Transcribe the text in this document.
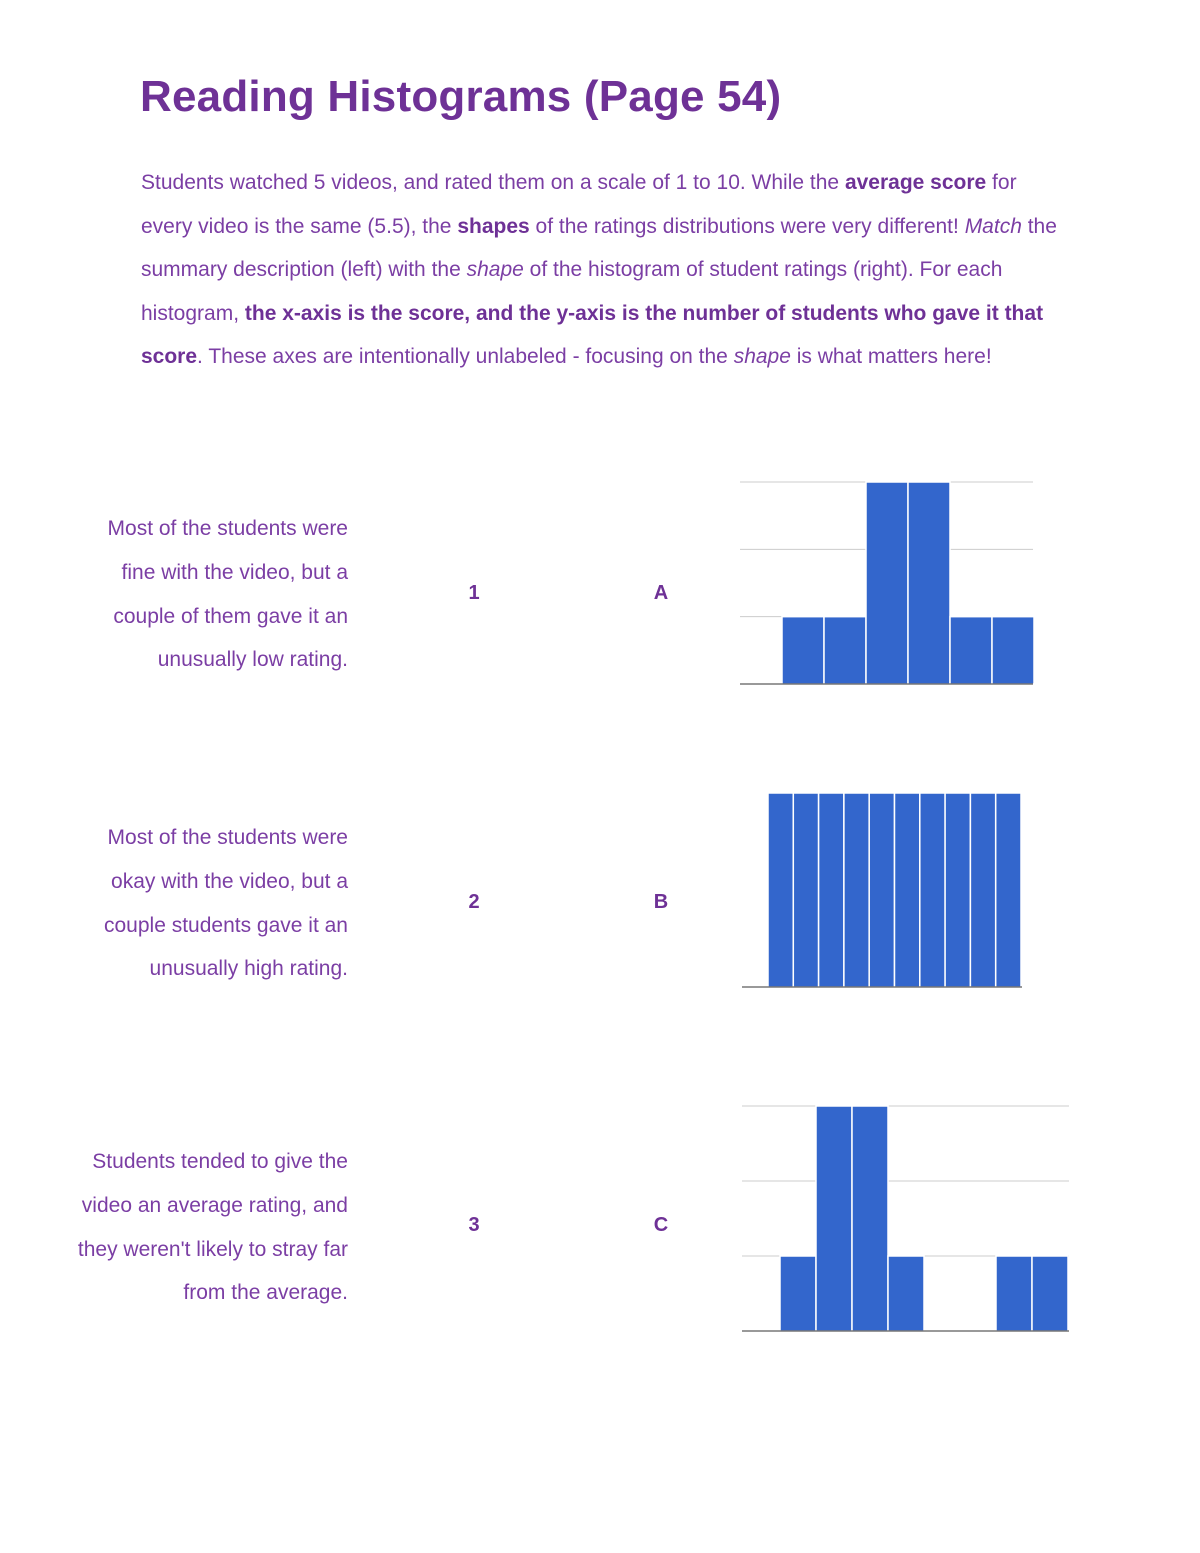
Reading Histograms (Page 54)

Students watched 5 videos, and rated them on a scale of 1 to 10. While the average score for every video is the same (5.5), the shapes of the ratings distributions were very different! Match the summary description (left) with the shape of the histogram of student ratings (right). For each histogram, the x-axis is the score, and the y-axis is the number of students who gave it that score. These axes are intentionally unlabeled - focusing on the shape is what matters here!

Most of the students were
fine with the video, but a
couple of them gave it an
unusually low rating.

1	A

Most of the students were
okay with the video, but a
couple students gave it an
unusually high rating.

2	B

Students tended to give the
video an average rating, and
they weren't likely to stray far
from the average.

3	C
